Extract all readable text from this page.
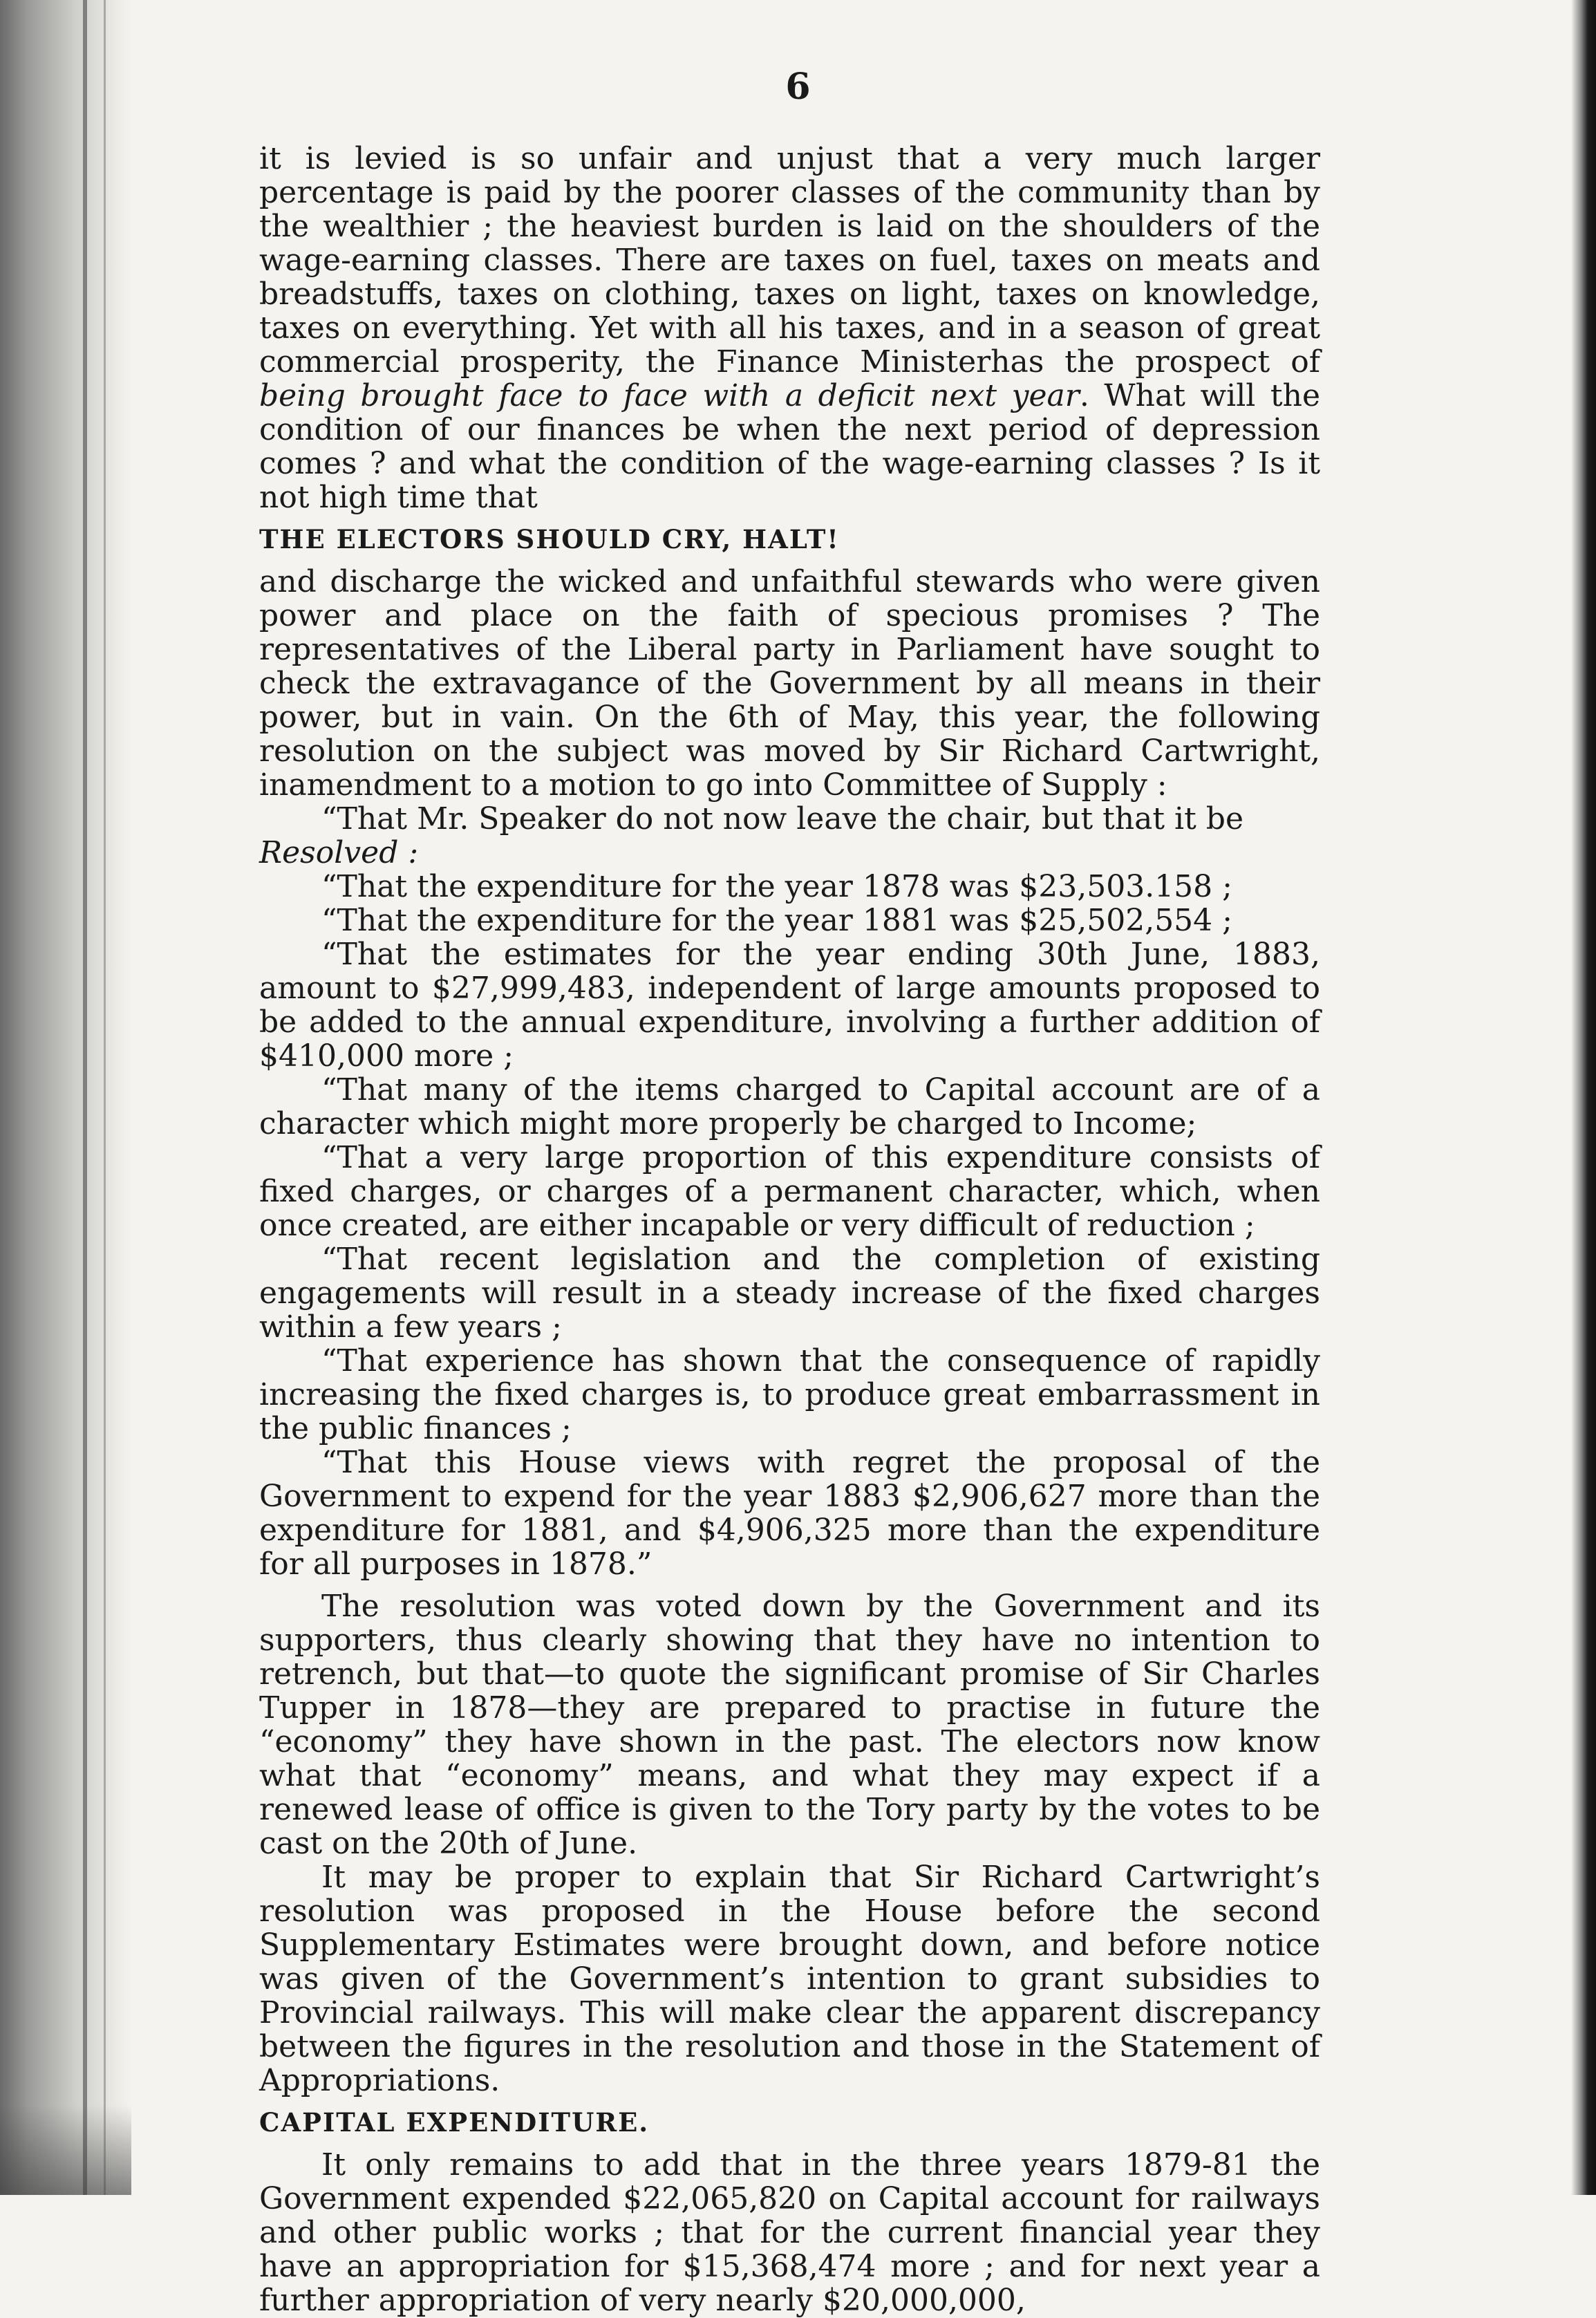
6

it is levied is so unfair and unjust that a very much larger percentage is paid by the poorer classes of the community than by the wealthier ; the heaviest burden is laid on the shoulders of the wage-earning classes. There are taxes on fuel, taxes on meats and breadstuffs, taxes on clothing, taxes on light, taxes on knowledge, taxes on everything. Yet with all his taxes, and in a season of great commercial prosperity, the Finance Ministerhas the prospect of being brought face to face with a deficit next year. What will the condition of our finances be when the next period of depression comes ? and what the condition of the wage-earning classes ? Is it not high time that

THE ELECTORS SHOULD CRY, HALT!

and discharge the wicked and unfaithful stewards who were given power and place on the faith of specious promises ? The representatives of the Liberal party in Parliament have sought to check the extravagance of the Government by all means in their power, but in vain. On the 6th of May, this year, the following resolution on the subject was moved by Sir Richard Cartwright, inamendment to a motion to go into Committee of Supply :

“That Mr. Speaker do not now leave the chair, but that it be

Resolved :

“That the expenditure for the year 1878 was $23,503.158 ;

“That the expenditure for the year 1881 was $25,502,554 ;

“That the estimates for the year ending 30th June, 1883, amount to $27,999,483, independent of large amounts proposed to be added to the annual expenditure, involving a further addition of $410,000 more ;

“That many of the items charged to Capital account are of a character which might more properly be charged to Income;

“That a very large proportion of this expenditure consists of fixed charges, or charges of a permanent character, which, when once created, are either incapable or very difficult of reduction ;

“That recent legislation and the completion of existing engagements will result in a steady increase of the fixed charges within a few years ;

“That experience has shown that the consequence of rapidly increasing the fixed charges is, to produce great embarrassment in the public finances ;

“That this House views with regret the proposal of the Government to expend for the year 1883 $2,906,627 more than the expenditure for 1881, and $4,906,325 more than the expenditure for all purposes in 1878.”

The resolution was voted down by the Government and its supporters, thus clearly showing that they have no intention to retrench, but that—to quote the significant promise of Sir Charles Tupper in 1878—they are prepared to practise in future the “economy” they have shown in the past. The electors now know what that “economy” means, and what they may expect if a renewed lease of office is given to the Tory party by the votes to be cast on the 20th of June.

It may be proper to explain that Sir Richard Cartwright’s resolution was proposed in the House before the second Supplementary Estimates were brought down, and before notice was given of the Government’s intention to grant subsidies to Provincial railways. This will make clear the apparent discrepancy between the figures in the resolution and those in the Statement of Appropriations.

CAPITAL EXPENDITURE.

It only remains to add that in the three years 1879-81 the Government expended $22,065,820 on Capital account for railways and other public works ; that for the current financial year they have an appropriation for $15,368,474 more ; and for next year a further appropriation of very nearly $20,000,000,
